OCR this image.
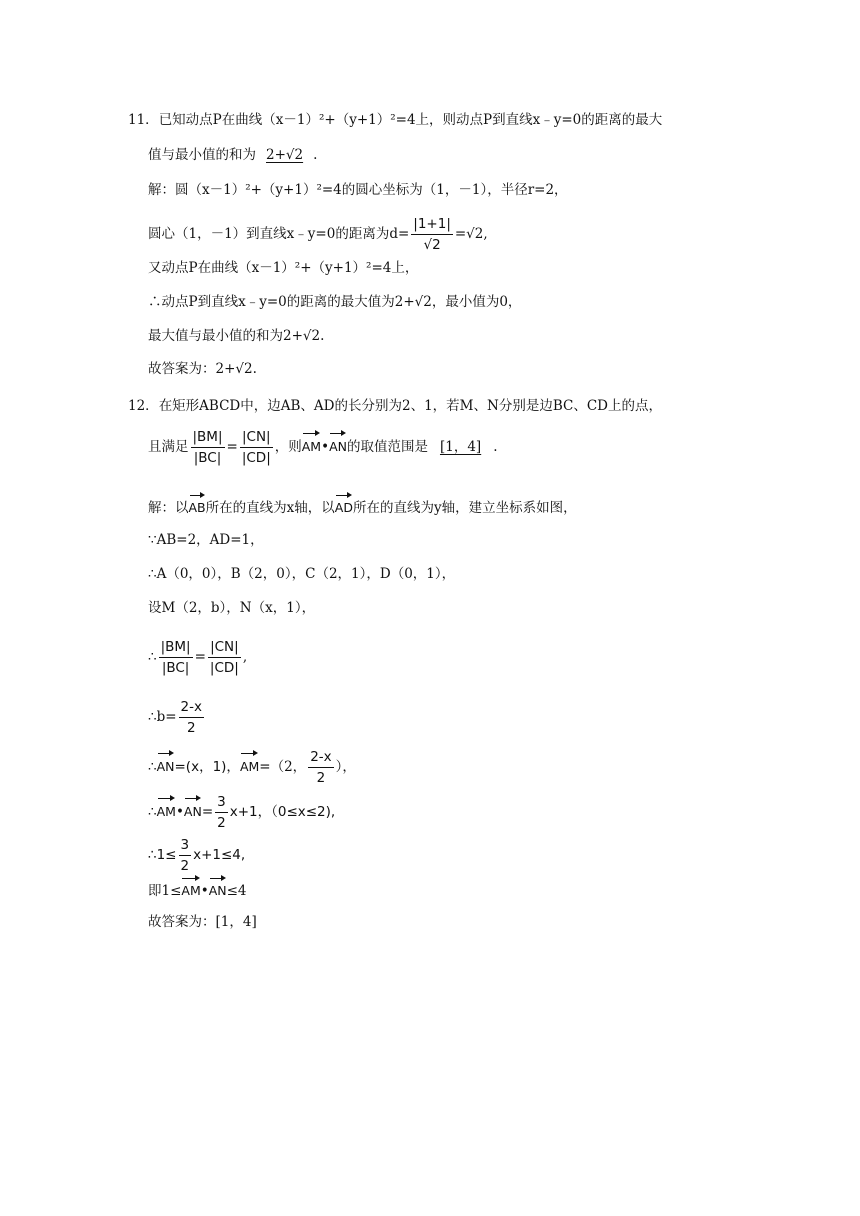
11．已知动点P在曲线（x－1）²+（y+1）²=4上，则动点P到直线x﹣y=0的距离的最大
值与最小值的和为 2+√2 .
解：圆（x－1）²+（y+1）²=4的圆心坐标为（1，－1），半径r=2，
圆心（1，－1）到直线x﹣y=0的距离为$d= \frac{|1+1|}{√2} =√2$,
又动点P在曲线（x－1）²+（y+1）²=4上，
∴动点P到直线x﹣y=0的距离的最大值为2+√2，最小值为0，
最大值与最小值的和为2+√2.
故答案为：2+√2.
12．在矩形ABCD中，边AB、AD的长分别为2、1，若M、N分别是边BC、CD上的点，
且满足 $\frac{|BM|}{|BC|} = \frac{|CN|}{|CD|}$ ，则AM•AN的取值范围是 [1，4] .
解：以AB所在的直线为x轴，以AD所在的直线为y轴，建立坐标系如图，
∵AB=2，AD=1，
∴A（0，0），B（2，0），C（2，1），D（0，1），
设M（2，b），N（x，1），
∴ $\frac{|BM|}{|BC|} = \frac{|CN|}{|CD|}$ ,
∴b= $\frac{2-x}{2}$
∴AN=(x，1)，AM=（2， $\frac{2-x}{2}$ ），
∴AM•AN= $\frac{3}{2} x+1$，（0≤x≤2),
∴1≤ $\frac{3}{2} x+1\le 4$,
即1≤AM•AN≤4
故答案为：[1，4]
